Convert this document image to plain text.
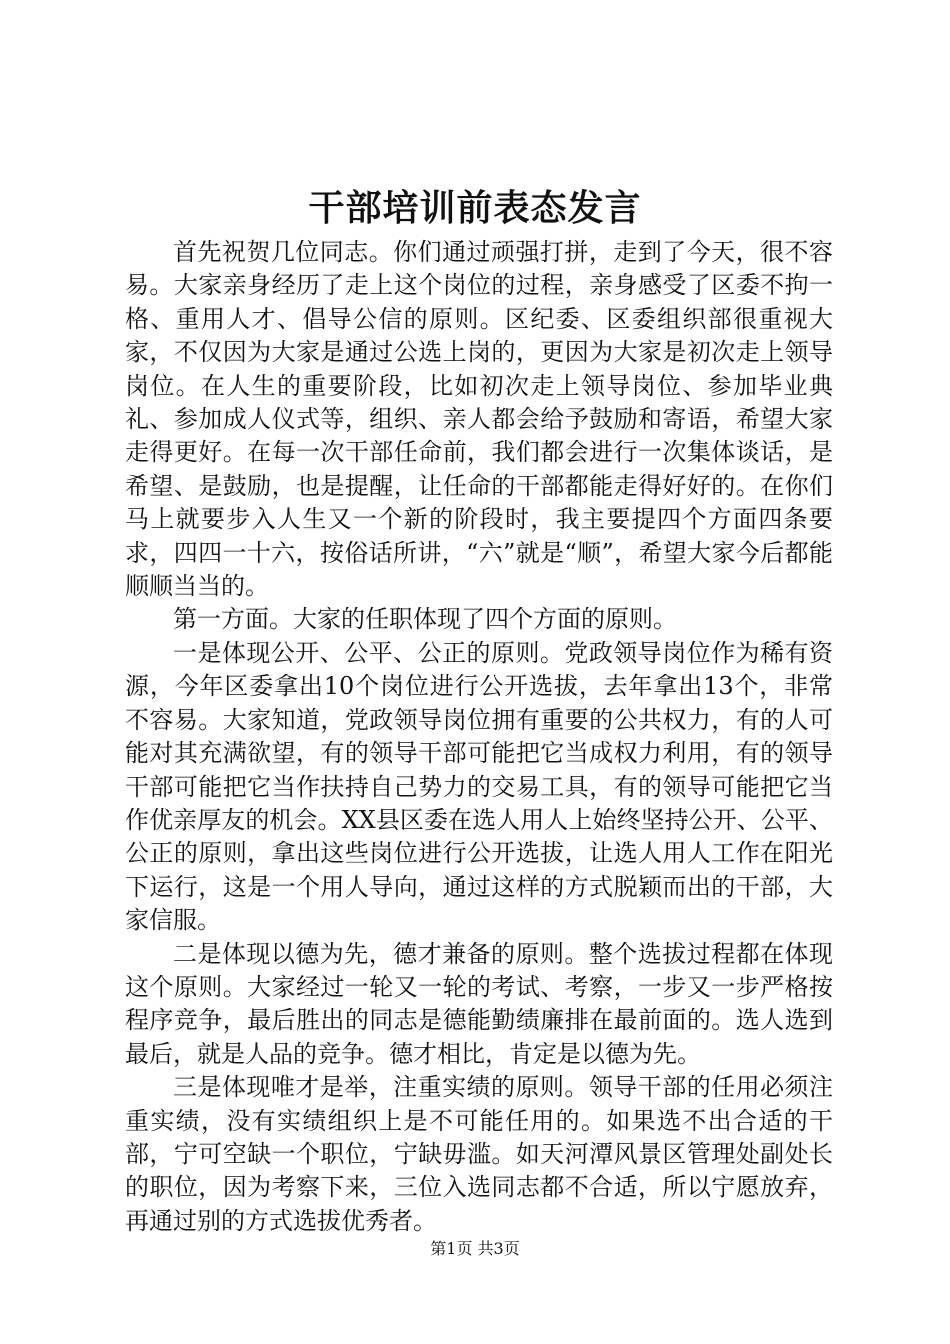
干部培训前表态发言

首先祝贺几位同志。你们通过顽强打拼，走到了今天，很不容易。大家亲身经历了走上这个岗位的过程，亲身感受了区委不拘一格、重用人才、倡导公信的原则。区纪委、区委组织部很重视大家，不仅因为大家是通过公选上岗的，更因为大家是初次走上领导岗位。在人生的重要阶段，比如初次走上领导岗位、参加毕业典礼、参加成人仪式等，组织、亲人都会给予鼓励和寄语，希望大家走得更好。在每一次干部任命前，我们都会进行一次集体谈话，是希望、是鼓励，也是提醒，让任命的干部都能走得好好的。在你们马上就要步入人生又一个新的阶段时，我主要提四个方面四条要求，四四一十六，按俗话所讲，“六”就是“顺”，希望大家今后都能顺顺当当的。

第一方面。大家的任职体现了四个方面的原则。

一是体现公开、公平、公正的原则。党政领导岗位作为稀有资源，今年区委拿出10个岗位进行公开选拔，去年拿出13个，非常不容易。大家知道，党政领导岗位拥有重要的公共权力，有的人可能对其充满欲望，有的领导干部可能把它当成权力利用，有的领导干部可能把它当作扶持自己势力的交易工具，有的领导可能把它当作优亲厚友的机会。XX县区委在选人用人上始终坚持公开、公平、公正的原则，拿出这些岗位进行公开选拔，让选人用人工作在阳光下运行，这是一个用人导向，通过这样的方式脱颖而出的干部，大家信服。

二是体现以德为先，德才兼备的原则。整个选拔过程都在体现这个原则。大家经过一轮又一轮的考试、考察，一步又一步严格按程序竞争，最后胜出的同志是德能勤绩廉排在最前面的。选人选到最后，就是人品的竞争。德才相比，肯定是以德为先。

三是体现唯才是举，注重实绩的原则。领导干部的任用必须注重实绩，没有实绩组织上是不可能任用的。如果选不出合适的干部，宁可空缺一个职位，宁缺毋滥。如天河潭风景区管理处副处长的职位，因为考察下来，三位入选同志都不合适，所以宁愿放弃，再通过别的方式选拔优秀者。

第1页 共3页
